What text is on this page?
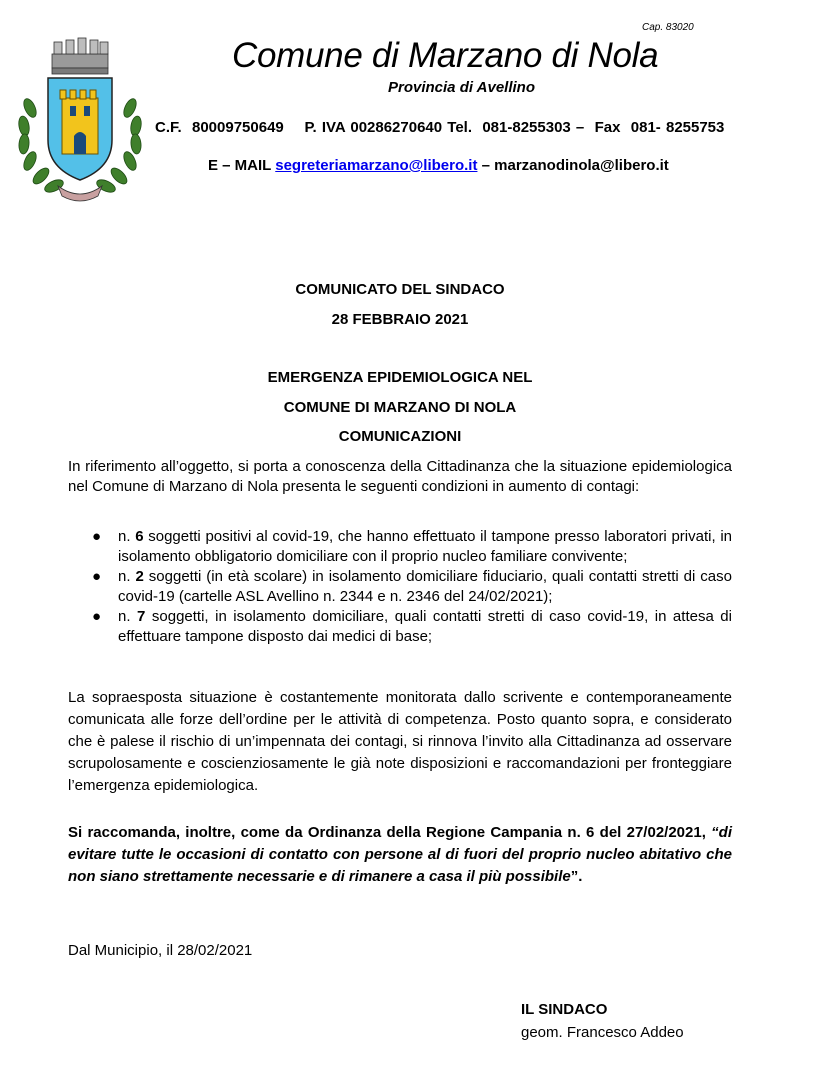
Cap. 83020
Comune di Marzano di Nola
Provincia di Avellino
C.F.  80009750649    P. IVA 00286270640 Tel.  081-8255303 –  Fax  081- 8255753
E – MAIL segreteriamarzano@libero.it – marzanodinola@libero.it
COMUNICATO DEL SINDACO
28 FEBBRAIO 2021
EMERGENZA EPIDEMIOLOGICA NEL
COMUNE DI MARZANO DI NOLA
COMUNICAZIONI
In riferimento all’oggetto, si porta a conoscenza della Cittadinanza che la situazione epidemiologica nel Comune di Marzano di Nola presenta le seguenti condizioni in aumento di contagi:
● n. 6 soggetti positivi al covid-19, che hanno effettuato il tampone presso laboratori privati, in isolamento obbligatorio domiciliare con il proprio nucleo familiare convivente;
● n. 2 soggetti (in età scolare) in isolamento domiciliare fiduciario, quali contatti stretti di caso covid-19 (cartelle ASL Avellino n. 2344 e n. 2346 del 24/02/2021);
● n. 7 soggetti, in isolamento domiciliare, quali contatti stretti di caso covid-19, in attesa di effettuare tampone disposto dai medici di base;
La sopraesposta situazione è costantemente monitorata dallo scrivente e contemporaneamente comunicata alle forze dell’ordine per le attività di competenza. Posto quanto sopra, e considerato che è palese il rischio di un’impennata dei contagi, si rinnova l’invito alla Cittadinanza ad osservare scrupolosamente e coscienziosamente le già note disposizioni e raccomandazioni per fronteggiare l’emergenza epidemiologica.
Si raccomanda, inoltre, come da Ordinanza della Regione Campania n. 6 del 27/02/2021, “di evitare tutte le occasioni di contatto con persone al di fuori del proprio nucleo abitativo che non siano strettamente necessarie e di rimanere a casa il più possibile”.
Dal Municipio, il 28/02/2021
IL SINDACO
geom. Francesco Addeo
